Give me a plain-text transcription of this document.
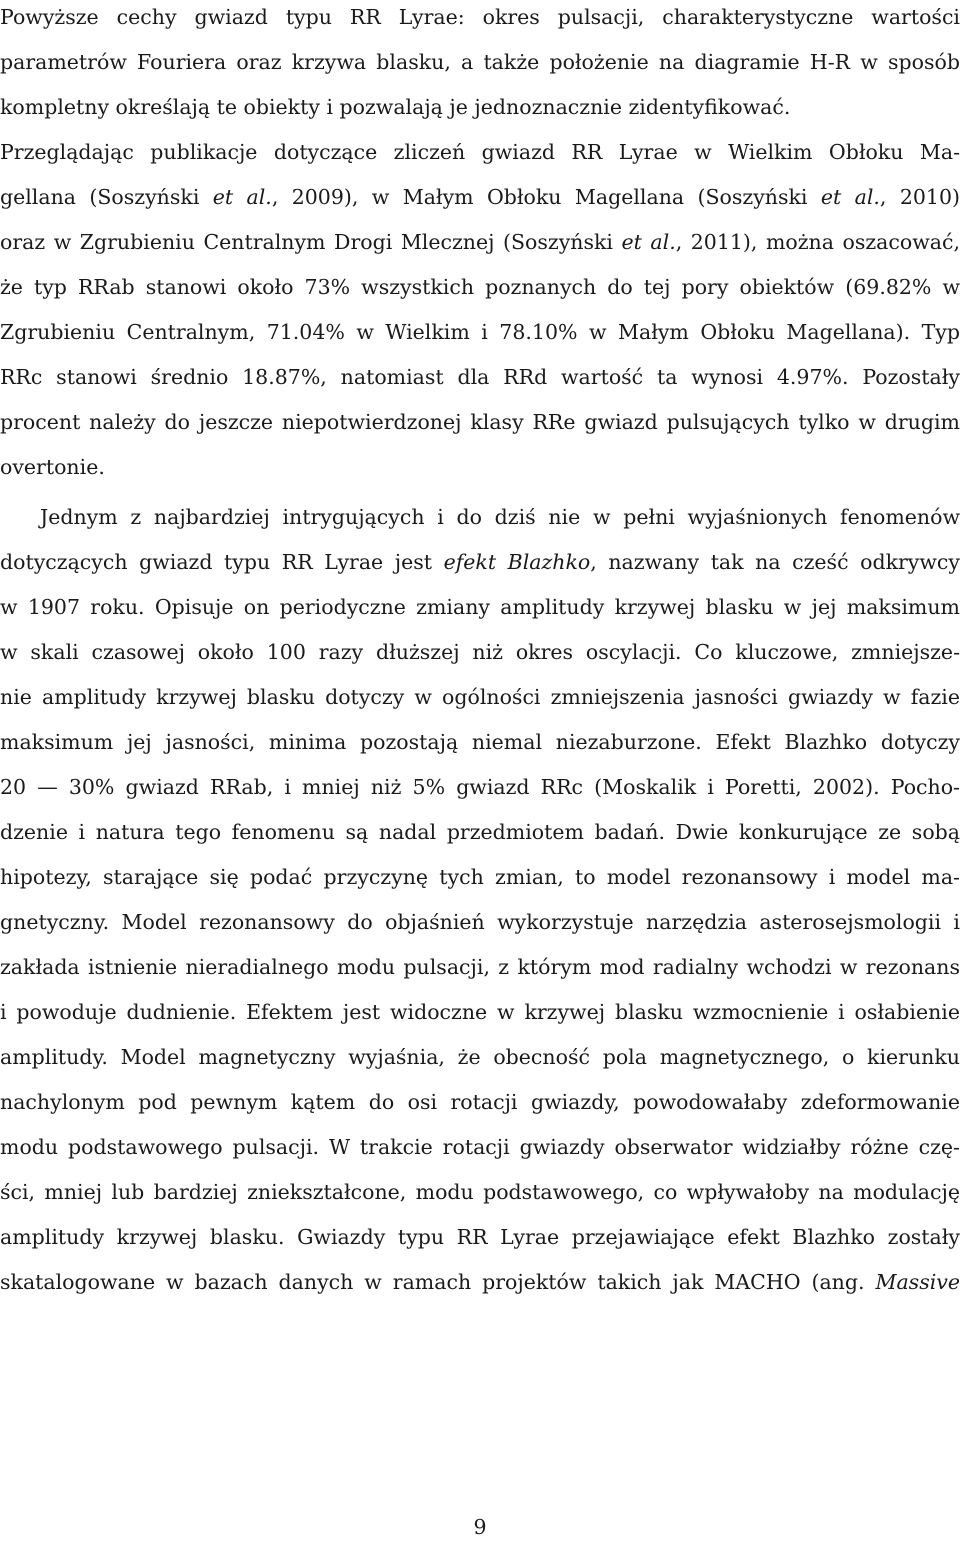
Powyższe cechy gwiazd typu RR Lyrae: okres pulsacji, charakterystyczne wartości
parametrów Fouriera oraz krzywa blasku, a także położenie na diagramie H-R w sposób
kompletny określają te obiekty i pozwalają je jednoznacznie zidentyfikować.
Przeglądając publikacje dotyczące zliczeń gwiazd RR Lyrae w Wielkim Obłoku Ma-
gellana (Soszyński et al., 2009), w Małym Obłoku Magellana (Soszyński et al., 2010)
oraz w Zgrubieniu Centralnym Drogi Mlecznej (Soszyński et al., 2011), można oszacować,
że typ RRab stanowi około 73% wszystkich poznanych do tej pory obiektów (69.82% w
Zgrubieniu Centralnym, 71.04% w Wielkim i 78.10% w Małym Obłoku Magellana). Typ
RRc stanowi średnio 18.87%, natomiast dla RRd wartość ta wynosi 4.97%. Pozostały
procent należy do jeszcze niepotwierdzonej klasy RRe gwiazd pulsujących tylko w drugim
overtonie.
Jednym z najbardziej intrygujących i do dziś nie w pełni wyjaśnionych fenomenów
dotyczących gwiazd typu RR Lyrae jest efekt Blazhko, nazwany tak na cześć odkrywcy
w 1907 roku. Opisuje on periodyczne zmiany amplitudy krzywej blasku w jej maksimum
w skali czasowej około 100 razy dłuższej niż okres oscylacji. Co kluczowe, zmniejsze-
nie amplitudy krzywej blasku dotyczy w ogólności zmniejszenia jasności gwiazdy w fazie
maksimum jej jasności, minima pozostają niemal niezaburzone. Efekt Blazhko dotyczy
20 — 30% gwiazd RRab, i mniej niż 5% gwiazd RRc (Moskalik i Poretti, 2002). Pocho-
dzenie i natura tego fenomenu są nadal przedmiotem badań. Dwie konkurujące ze sobą
hipotezy, starające się podać przyczynę tych zmian, to model rezonansowy i model ma-
gnetyczny. Model rezonansowy do objaśnień wykorzystuje narzędzia asterosejsmologii i
zakłada istnienie nieradialnego modu pulsacji, z którym mod radialny wchodzi w rezonans
i powoduje dudnienie. Efektem jest widoczne w krzywej blasku wzmocnienie i osłabienie
amplitudy. Model magnetyczny wyjaśnia, że obecność pola magnetycznego, o kierunku
nachylonym pod pewnym kątem do osi rotacji gwiazdy, powodowałaby zdeformowanie
modu podstawowego pulsacji. W trakcie rotacji gwiazdy obserwator widziałby różne czę-
ści, mniej lub bardziej zniekształcone, modu podstawowego, co wpływałoby na modulację
amplitudy krzywej blasku. Gwiazdy typu RR Lyrae przejawiające efekt Blazhko zostały
skatalogowane w bazach danych w ramach projektów takich jak MACHO (ang. Massive
9
